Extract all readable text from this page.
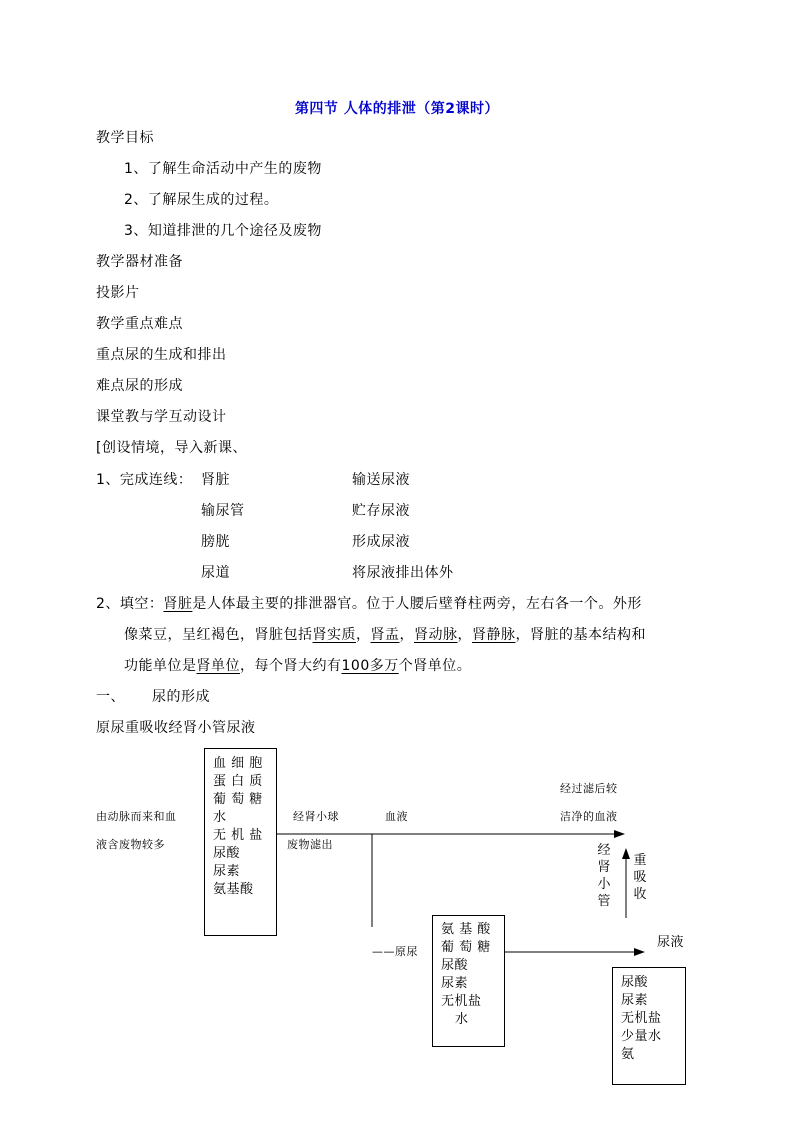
第四节 人体的排泄（第2课时）
教学目标
1、了解生命活动中产生的废物
2、了解尿生成的过程。
3、知道排泄的几个途径及废物
教学器材准备
投影片
教学重点难点
重点尿的生成和排出
难点尿的形成
课堂教与学互动设计
[创设情境，导入新课、
1、完成连线： 肾脏
输尿管
膀胱
尿道
输送尿液
贮存尿液
形成尿液
将尿液排出体外
2、填空：肾脏是人体最主要的排泄器官。位于人腰后壁脊柱两旁，左右各一个。外形
像菜豆，呈红褐色，肾脏包括肾实质，肾盂，肾动脉，肾静脉，肾脏的基本结构和
功能单位是肾单位，每个肾大约有100多万个肾单位。
一、 尿的形成
原尿重吸收经肾小管尿液
由动脉而来和血
液含废物较多
血 细 胞
蛋 白 质
葡 萄 糖
水
无 机 盐
尿酸
尿素
氨基酸
经肾小球
废物滤出
血液
经过滤后较
洁净的血液
经肾小管
重吸收
——原尿
氨 基 酸
葡 萄 糖
尿酸
尿素
无机盐
水
尿液
尿酸
尿素
无机盐
少量水
氨
